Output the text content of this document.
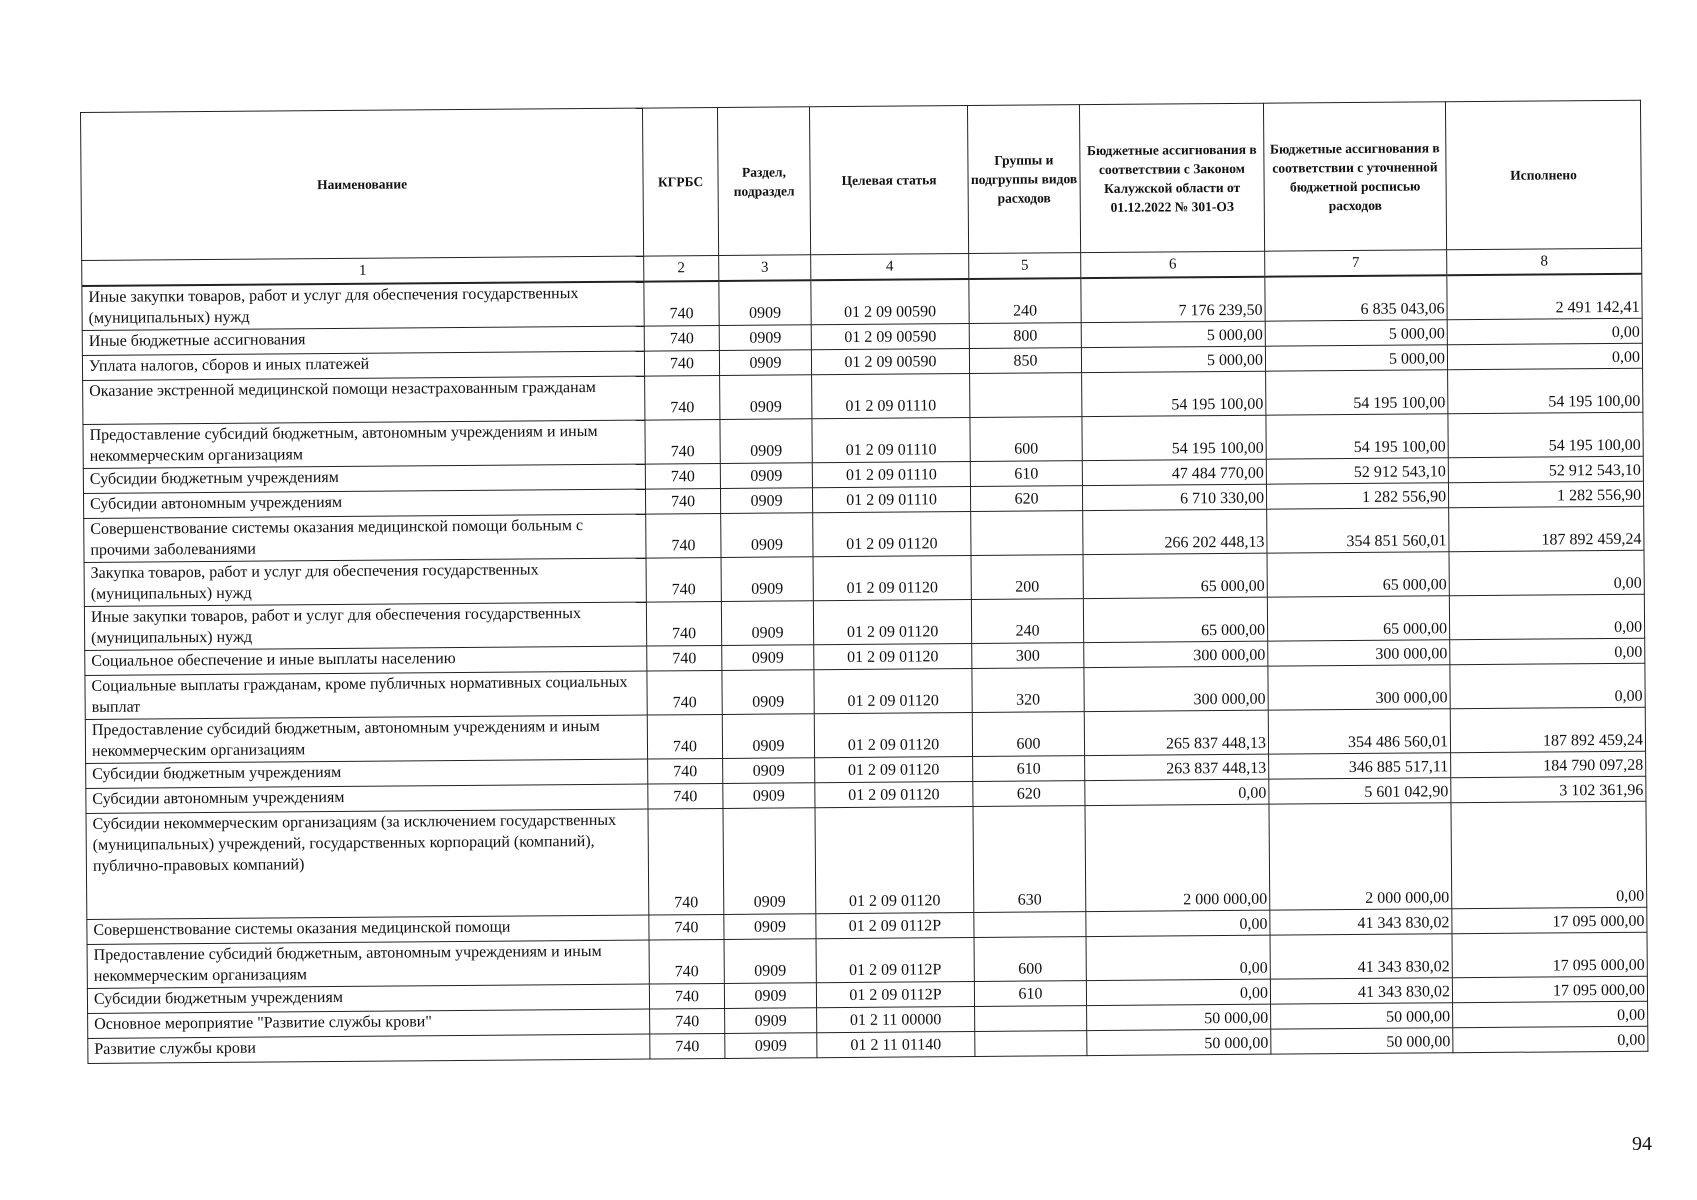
Наименование	КГРБС	Раздел, подраздел	Целевая статья	Группы и подгруппы видов расходов	Бюджетные ассигнования в соответствии с Законом Калужской области от 01.12.2022 № 301-ОЗ	Бюджетные ассигнования в соответствии с уточненной бюджетной росписью расходов	Исполнено
1	2	3	4	5	6	7	8
Иные закупки товаров, работ и услуг для обеспечения государственных (муниципальных) нужд	740	0909	01 2 09 00590	240	7 176 239,50	6 835 043,06	2 491 142,41
Иные бюджетные ассигнования	740	0909	01 2 09 00590	800	5 000,00	5 000,00	0,00
Уплата налогов, сборов и иных платежей	740	0909	01 2 09 00590	850	5 000,00	5 000,00	0,00
Оказание экстренной медицинской помощи незастрахованным гражданам	740	0909	01 2 09 01110		54 195 100,00	54 195 100,00	54 195 100,00
Предоставление субсидий бюджетным, автономным учреждениям и иным некоммерческим организациям	740	0909	01 2 09 01110	600	54 195 100,00	54 195 100,00	54 195 100,00
Субсидии бюджетным учреждениям	740	0909	01 2 09 01110	610	47 484 770,00	52 912 543,10	52 912 543,10
Субсидии автономным учреждениям	740	0909	01 2 09 01110	620	6 710 330,00	1 282 556,90	1 282 556,90
Совершенствование системы оказания медицинской помощи больным с прочими заболеваниями	740	0909	01 2 09 01120		266 202 448,13	354 851 560,01	187 892 459,24
Закупка товаров, работ и услуг для обеспечения государственных (муниципальных) нужд	740	0909	01 2 09 01120	200	65 000,00	65 000,00	0,00
Иные закупки товаров, работ и услуг для обеспечения государственных (муниципальных) нужд	740	0909	01 2 09 01120	240	65 000,00	65 000,00	0,00
Социальное обеспечение и иные выплаты населению	740	0909	01 2 09 01120	300	300 000,00	300 000,00	0,00
Социальные выплаты гражданам, кроме публичных нормативных социальных выплат	740	0909	01 2 09 01120	320	300 000,00	300 000,00	0,00
Предоставление субсидий бюджетным, автономным учреждениям и иным некоммерческим организациям	740	0909	01 2 09 01120	600	265 837 448,13	354 486 560,01	187 892 459,24
Субсидии бюджетным учреждениям	740	0909	01 2 09 01120	610	263 837 448,13	346 885 517,11	184 790 097,28
Субсидии автономным учреждениям	740	0909	01 2 09 01120	620	0,00	5 601 042,90	3 102 361,96
Субсидии некоммерческим организациям (за исключением государственных (муниципальных) учреждений, государственных корпораций (компаний), публично-правовых компаний)	740	0909	01 2 09 01120	630	2 000 000,00	2 000 000,00	0,00
Совершенствование системы оказания медицинской помощи	740	0909	01 2 09 0112Р		0,00	41 343 830,02	17 095 000,00
Предоставление субсидий бюджетным, автономным учреждениям и иным некоммерческим организациям	740	0909	01 2 09 0112Р	600	0,00	41 343 830,02	17 095 000,00
Субсидии бюджетным учреждениям	740	0909	01 2 09 0112Р	610	0,00	41 343 830,02	17 095 000,00
Основное мероприятие "Развитие службы крови"	740	0909	01 2 11 00000		50 000,00	50 000,00	0,00
Развитие службы крови	740	0909	01 2 11 01140		50 000,00	50 000,00	0,00
94
